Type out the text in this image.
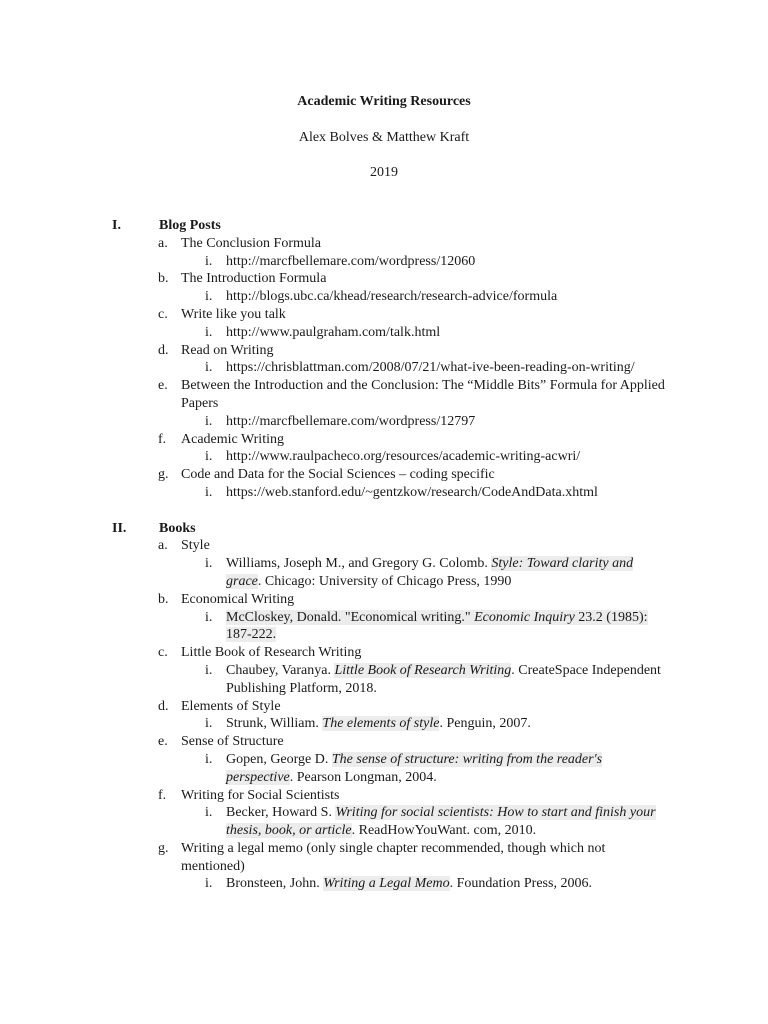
Academic Writing Resources
Alex Bolves & Matthew Kraft
2019
I.	Blog Posts
a. The Conclusion Formula
i. http://marcfbellemare.com/wordpress/12060
b. The Introduction Formula
i. http://blogs.ubc.ca/khead/research/research-advice/formula
c. Write like you talk
i. http://www.paulgraham.com/talk.html
d. Read on Writing
i. https://chrisblattman.com/2008/07/21/what-ive-been-reading-on-writing/
e. Between the Introduction and the Conclusion: The “Middle Bits” Formula for Applied Papers
i. http://marcfbellemare.com/wordpress/12797
f. Academic Writing
i. http://www.raulpacheco.org/resources/academic-writing-acwri/
g. Code and Data for the Social Sciences – coding specific
i. https://web.stanford.edu/~gentzkow/research/CodeAndData.xhtml
II. Books
a. Style
i. Williams, Joseph M., and Gregory G. Colomb. Style: Toward clarity and grace. Chicago: University of Chicago Press, 1990
b. Economical Writing
i. McCloskey, Donald. "Economical writing." Economic Inquiry 23.2 (1985): 187-222.
c. Little Book of Research Writing
i. Chaubey, Varanya. Little Book of Research Writing. CreateSpace Independent Publishing Platform, 2018.
d. Elements of Style
i. Strunk, William. The elements of style. Penguin, 2007.
e. Sense of Structure
i. Gopen, George D. The sense of structure: writing from the reader's perspective. Pearson Longman, 2004.
f. Writing for Social Scientists
i. Becker, Howard S. Writing for social scientists: How to start and finish your thesis, book, or article. ReadHowYouWant. com, 2010.
g. Writing a legal memo (only single chapter recommended, though which not mentioned)
i. Bronsteen, John. Writing a Legal Memo. Foundation Press, 2006.
